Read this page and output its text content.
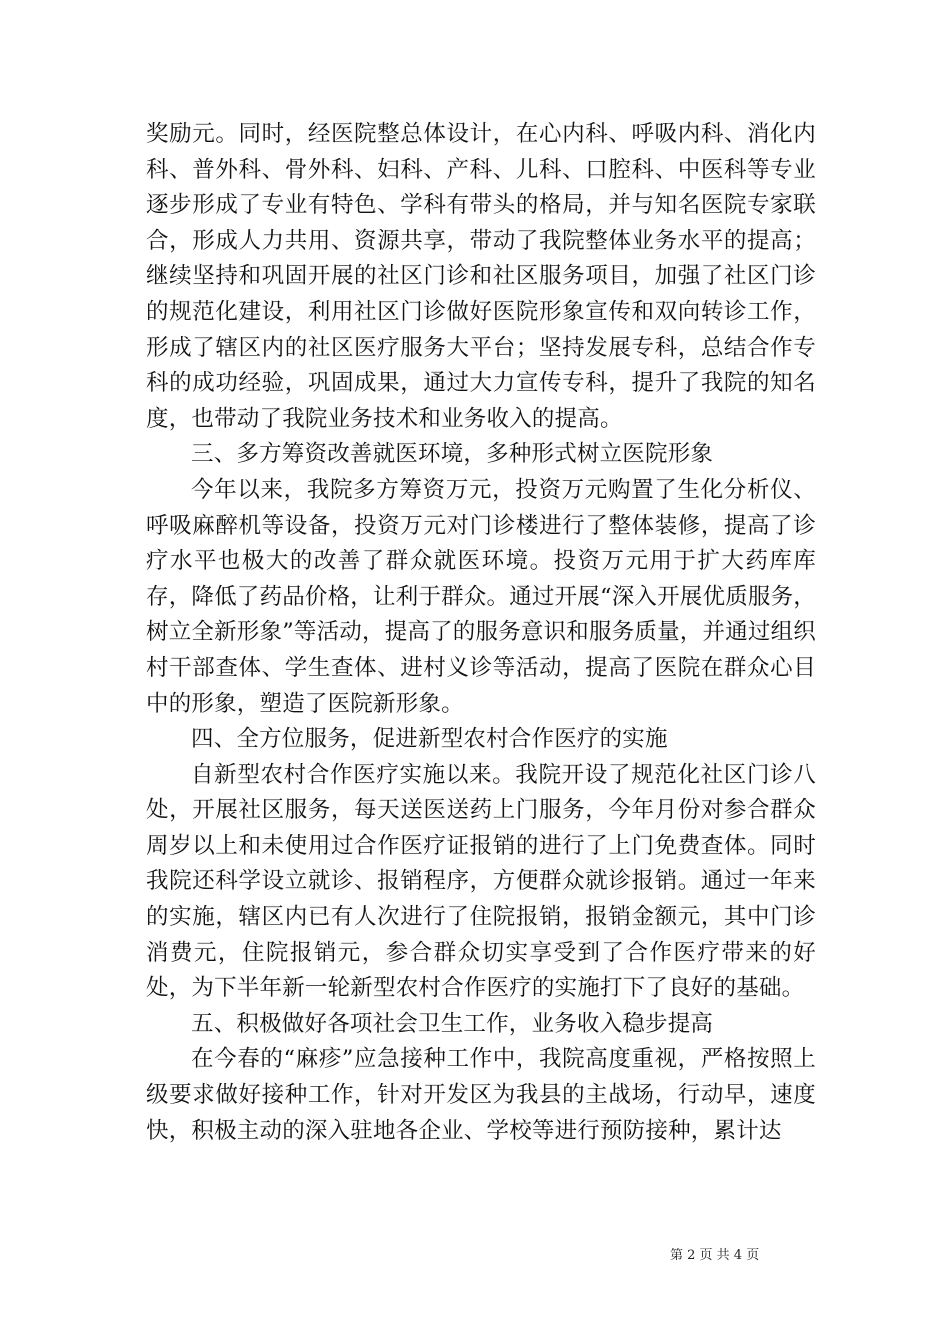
奖励元。同时，经医院整总体设计，在心内科、呼吸内科、消化内科、普外科、骨外科、妇科、产科、儿科、口腔科、中医科等专业逐步形成了专业有特色、学科有带头的格局，并与知名医院专家联合，形成人力共用、资源共享，带动了我院整体业务水平的提高；继续坚持和巩固开展的社区门诊和社区服务项目，加强了社区门诊的规范化建设，利用社区门诊做好医院形象宣传和双向转诊工作，形成了辖区内的社区医疗服务大平台；坚持发展专科，总结合作专科的成功经验，巩固成果，通过大力宣传专科，提升了我院的知名度，也带动了我院业务技术和业务收入的提高。

三、多方筹资改善就医环境，多种形式树立医院形象

今年以来，我院多方筹资万元，投资万元购置了生化分析仪、呼吸麻醉机等设备，投资万元对门诊楼进行了整体装修，提高了诊疗水平也极大的改善了群众就医环境。投资万元用于扩大药库库存，降低了药品价格，让利于群众。通过开展“深入开展优质服务，树立全新形象”等活动，提高了的服务意识和服务质量，并通过组织村干部查体、学生查体、进村义诊等活动，提高了医院在群众心目中的形象，塑造了医院新形象。

四、全方位服务，促进新型农村合作医疗的实施

自新型农村合作医疗实施以来。我院开设了规范化社区门诊八处，开展社区服务，每天送医送药上门服务，今年月份对参合群众周岁以上和未使用过合作医疗证报销的进行了上门免费查体。同时我院还科学设立就诊、报销程序，方便群众就诊报销。通过一年来的实施，辖区内已有人次进行了住院报销，报销金额元，其中门诊消费元，住院报销元，参合群众切实享受到了合作医疗带来的好处，为下半年新一轮新型农村合作医疗的实施打下了良好的基础。

五、积极做好各项社会卫生工作，业务收入稳步提高

在今春的“麻疹”应急接种工作中，我院高度重视，严格按照上级要求做好接种工作，针对开发区为我县的主战场，行动早，速度快，积极主动的深入驻地各企业、学校等进行预防接种，累计达

第 2 页 共 4 页
